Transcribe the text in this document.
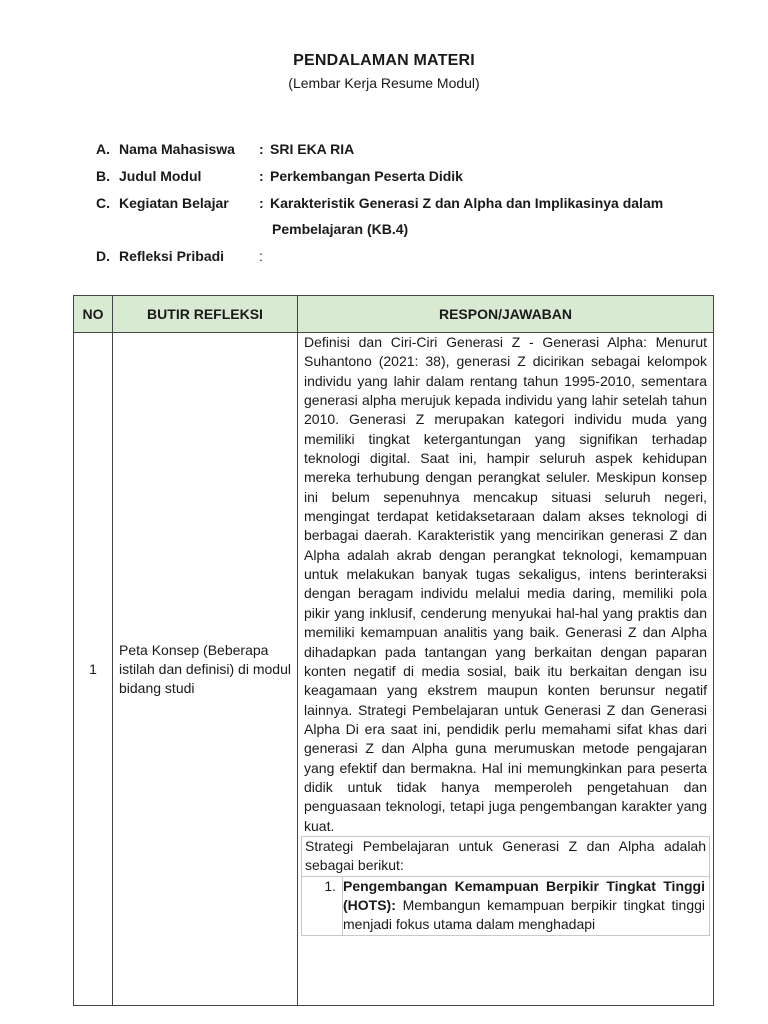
PENDALAMAN MATERI
(Lembar Kerja Resume Modul)
A. Nama Mahasiswa : SRI EKA RIA
B. Judul Modul	: Perkembangan Peserta Didik
C. Kegiatan Belajar : Karakteristik Generasi Z dan Alpha dan Implikasinya dalam
Pembelajaran (KB.4)
D. Refleksi Pribadi :
NO	BUTIR REFLEKSI	RESPON/JAWABAN
1	Peta Konsep (Beberapa istilah dan definisi) di modul bidang studi	Definisi dan Ciri-Ciri Generasi Z - Generasi Alpha: Menurut Suhantono (2021: 38), generasi Z dicirikan sebagai kelompok individu yang lahir dalam rentang tahun 1995-2010, sementara generasi alpha merujuk kepada individu yang lahir setelah tahun 2010. Generasi Z merupakan kategori individu muda yang memiliki tingkat ketergantungan yang signifikan terhadap teknologi digital. Saat ini, hampir seluruh aspek kehidupan mereka terhubung dengan perangkat seluler. Meskipun konsep ini belum sepenuhnya mencakup situasi seluruh negeri, mengingat terdapat ketidaksetaraan dalam akses teknologi di berbagai daerah. Karakteristik yang mencirikan generasi Z dan Alpha adalah akrab dengan perangkat teknologi, kemampuan untuk melakukan banyak tugas sekaligus, intens berinteraksi dengan beragam individu melalui media daring, memiliki pola pikir yang inklusif, cenderung menyukai hal-hal yang praktis dan memiliki kemampuan analitis yang baik. Generasi Z dan Alpha dihadapkan pada tantangan yang berkaitan dengan paparan konten negatif di media sosial, baik itu berkaitan dengan isu keagamaan yang ekstrem maupun konten berunsur negatif lainnya. Strategi Pembelajaran untuk Generasi Z dan Generasi Alpha Di era saat ini, pendidik perlu memahami sifat khas dari generasi Z dan Alpha guna merumuskan metode pengajaran yang efektif dan bermakna. Hal ini memungkinkan para peserta didik untuk tidak hanya memperoleh pengetahuan dan penguasaan teknologi, tetapi juga pengembangan karakter yang kuat.

Strategi Pembelajaran untuk Generasi Z dan Alpha adalah sebagai berikut:

1. Pengembangan Kemampuan Berpikir Tingkat Tinggi (HOTS): Membangun kemampuan berpikir tingkat tinggi menjadi fokus utama dalam menghadapi
